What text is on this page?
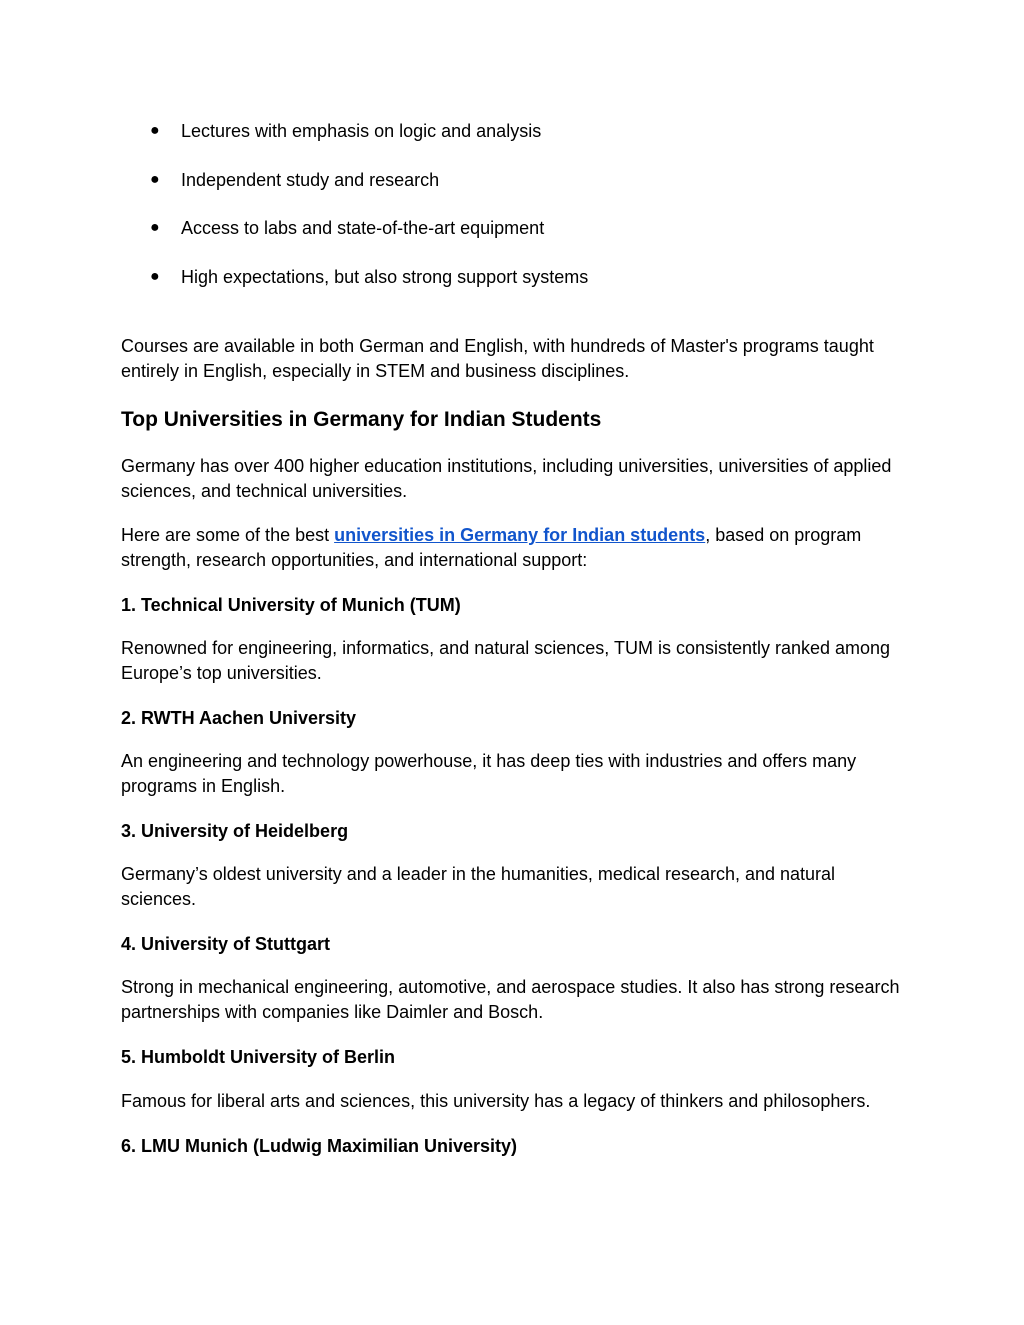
● Lectures with emphasis on logic and analysis
● Independent study and research
● Access to labs and state-of-the-art equipment
● High expectations, but also strong support systems

Courses are available in both German and English, with hundreds of Master's programs taught entirely in English, especially in STEM and business disciplines.

Top Universities in Germany for Indian Students

Germany has over 400 higher education institutions, including universities, universities of applied sciences, and technical universities.

Here are some of the best universities in Germany for Indian students, based on program strength, research opportunities, and international support:

1. Technical University of Munich (TUM)

Renowned for engineering, informatics, and natural sciences, TUM is consistently ranked among Europe’s top universities.

2. RWTH Aachen University

An engineering and technology powerhouse, it has deep ties with industries and offers many programs in English.

3. University of Heidelberg

Germany’s oldest university and a leader in the humanities, medical research, and natural sciences.

4. University of Stuttgart

Strong in mechanical engineering, automotive, and aerospace studies. It also has strong research partnerships with companies like Daimler and Bosch.

5. Humboldt University of Berlin

Famous for liberal arts and sciences, this university has a legacy of thinkers and philosophers.

6. LMU Munich (Ludwig Maximilian University)
